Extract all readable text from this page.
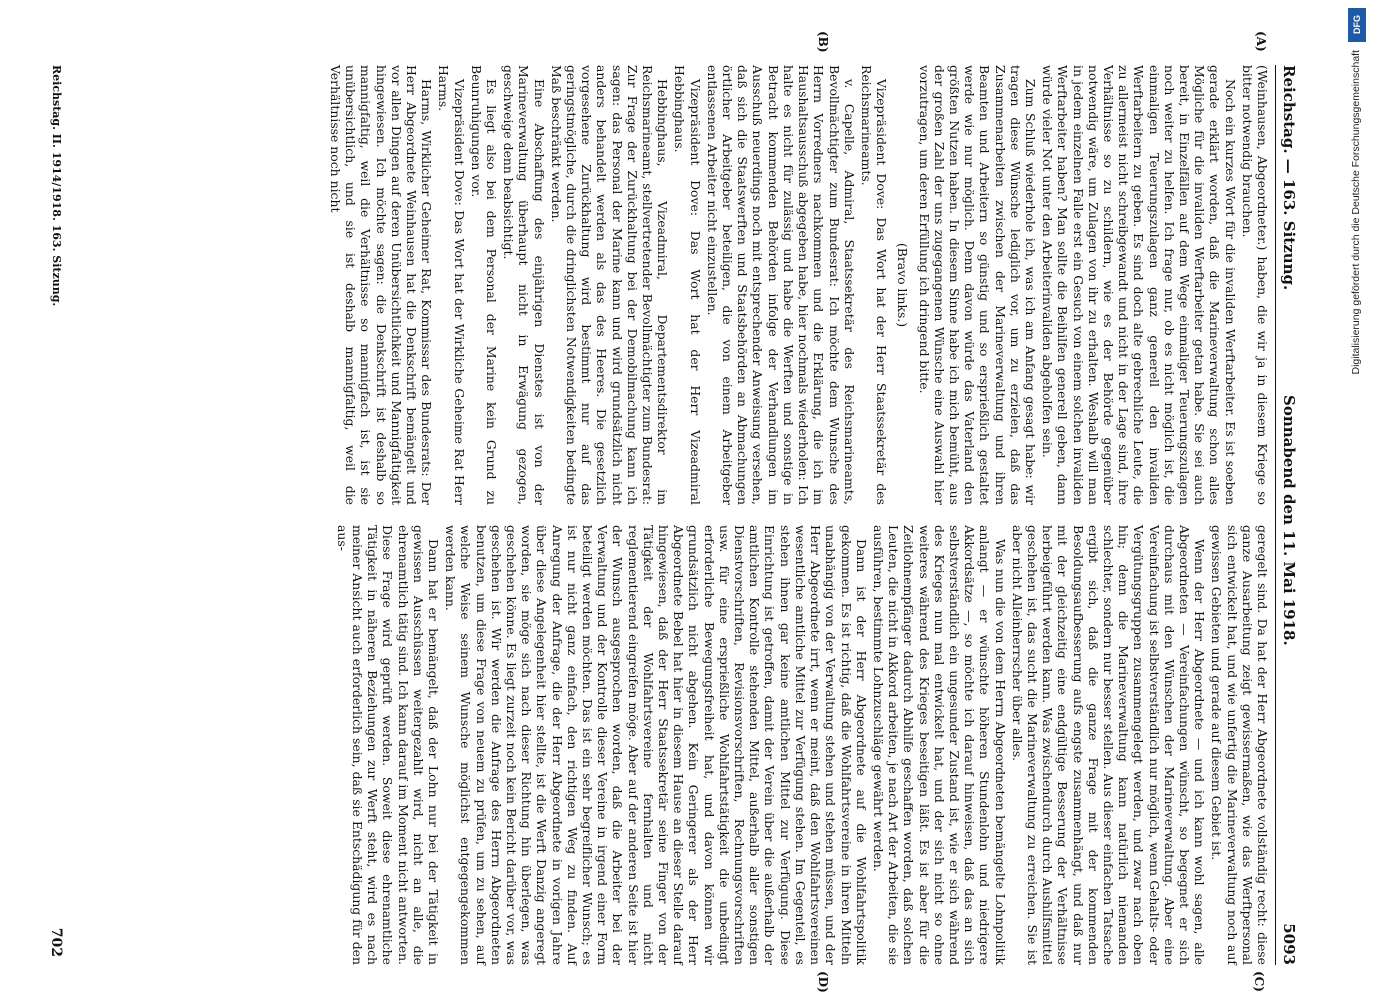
Reichstag. — 163. Sitzung.
Sonnabend den 11. Mai 1918.
5093
(A)
(B)
(C)
(D)

(Weinhausen, Abgeordneter.) haben, die wir ja in diesem Kriege so bitter notwendig brauchen.

Noch ein kurzes Wort für die invaliden Werftarbeiter. Es ist soeben gerade erklärt worden, daß die Marineverwaltung schon alles Mögliche für die invaliden Werftarbeiter getan habe. Sie sei auch bereit, in Einzelfällen auf dem Wege einmaliger Teuerungszulagen noch weiter zu helfen. Ich frage nur, ob es nicht möglich ist, die einmaligen Teuerungszulagen ganz generell den invaliden Werftarbeitern zu geben. Es sind doch alte gebrechliche Leute, die zu allermeist nicht schreibgewandt und nicht in der Lage sind, ihre Verhältnisse so zu schildern, wie es der Behörde gegenüber notwendig wäre, um Zulagen von ihr zu erhalten. Weshalb will man in jedem einzelnen Falle erst ein Gesuch von einem solchen invaliden Werftarbeiter haben? Man sollte die Beihilfen generell geben, dann würde vieler Not unter den Arbeiterinvaliden abgeholfen sein.

Zum Schluß wiederhole ich, was ich am Anfang gesagt habe: wir tragen diese Wünsche lediglich vor, um zu erzielen, daß das Zusammenarbeiten zwischen der Marineverwaltung und ihren Beamten und Arbeitern so günstig und so ersprießlich gestaltet werde wie nur möglich. Denn davon würde das Vaterland den größten Nutzen haben. In diesem Sinne habe ich mich bemüht, aus der großen Zahl der uns zugegangenen Wünsche eine Auswahl hier vorzutragen, um deren Erfüllung ich dringend bitte.

(Bravo links.)

Vizepräsident Dove: Das Wort hat der Herr Staatssekretär des Reichsmarineamts.

v. Capelle, Admiral, Staatssekretär des Reichsmarineamts, Bevollmächtigter zum Bundesrat: Ich möchte dem Wunsche des Herrn Vorredners nachkommen und die Erklärung, die ich im Haushaltsausschuß abgegeben habe, hier nochmals wiederholen: Ich halte es nicht für zulässig und habe die Werften und sonstige in Betracht kommenden Behörden infolge der Verhandlungen im Ausschuß neuerdings noch mit entsprechender Anweisung versehen, daß sich die Staatswerften und Staatsbehörden an Abmachungen örtlicher Arbeitgeber beteiligen, die von einem Arbeitgeber entlassenen Arbeiter nicht einzustellen.

Vizepräsident Dove: Das Wort hat der Herr Vizeadmiral Hebbinghaus.

Hebbinghaus, Vizeadmiral, Departementsdirektor im Reichsmarineamt, stellvertretender Bevollmächtigter zum Bundesrat: Zur Frage der Zurückhaltung bei der Demobilmachung kann ich sagen: das Personal der Marine kann und wird grundsätzlich nicht anders behandelt werden als das des Heeres. Die gesetzlich vorgesehene Zurückhaltung wird bestimmt nur auf das geringstmögliche, durch die dringlichsten Notwendigkeiten bedingte Maß beschränkt werden.

Eine Abschaffung des einjährigen Dienstes ist von der Marineverwaltung überhaupt nicht in Erwägung gezogen, geschweige denn beabsichtigt.

Es liegt also bei dem Personal der Marine kein Grund zu Beunruhigungen vor.

Vizepräsident Dove: Das Wort hat der Wirkliche Geheime Rat Herr Harms.

Harms, Wirklicher Geheimer Rat, Kommissar des Bundesrats: Der Herr Abgeordnete Weinhausen hat die Denkschrift bemängelt und vor allen Dingen auf deren Unübersichtlichkeit und Mannigfaltigkeit hingewiesen. Ich möchte sagen: die Denkschrift ist deshalb so mannigfaltig, weil die Verhältnisse so mannigfach ist, ist sie unübersichtlich, und sie ist deshalb mannigfaltig, weil die Verhältnisse noch nicht

geregelt sind. Da hat der Herr Abgeordnete vollständig recht: diese ganze Ausarbeitung zeigt gewissermaßen, wie das Werftpersonal sich entwickelt hat, und wie unfertig die Marineverwaltung noch auf gewissen Gebieten und gerade auf diesem Gebiet ist.

Wenn der Herr Abgeordnete — und ich kann wohl sagen, alle Abgeordneten — Vereinfachungen wünscht, so begegnet er sich durchaus mit den Wünschen der Marineverwaltung. Aber eine Vereinfachung ist selbstverständlich nur möglich, wenn Gehalts- oder Vergütungsgruppen zusammengelegt werden, und zwar nach oben hin; denn die Marineverwaltung kann natürlich niemanden schlechter, sondern nur besser stellen. Aus dieser einfachen Tatsache ergibt sich, daß die ganze Frage mit der kommenden Besoldungsaufbesserung aufs engste zusammenhängt, und daß nur mit der gleichzeitig eine endgültige Besserung der Verhältnisse herbeigeführt werden kann. Was zwischendurch durch Aushilfsmittel geschehen ist, das sucht die Marineverwaltung zu erreichen. Sie ist aber nicht Alleinherrscher über alles.

Was nun die von dem Herrn Abgeordneten bemängelte Lohnpolitik anlangt — er wünschte höheren Stundenlohn und niedrigere Akkordsätze —, so möchte ich darauf hinweisen, daß das an sich selbstverständlich ein ungesunder Zustand ist, wie er sich während des Krieges nun mal entwickelt hat, und der sich nicht so ohne weiteres während des Krieges beseitigen läßt. Es ist aber für die Zeitlohnempfänger dadurch Abhilfe geschaffen worden, daß solchen Leuten, die nicht in Akkord arbeiten, je nach Art der Arbeiten, die sie ausführen, bestimmte Lohnzuschläge gewährt werden.

Dann ist der Herr Abgeordnete auf die Wohlfahrtspolitik gekommen. Es ist richtig, daß die Wohlfahrtsvereine in ihren Mitteln unabhängig von der Verwaltung stehen und stehen müssen, und der Herr Abgeordnete irrt, wenn er meint, daß den Wohlfahrtsvereinen wesentliche amtliche Mittel zur Verfügung stehen. Im Gegenteil, es stehen ihnen gar keine amtlichen Mittel zur Verfügung. Diese Einrichtung ist getroffen, damit der Verein über die außerhalb der amtlichen Kontrolle stehenden Mittel, außerhalb aller sonstigen Dienstvorschriften, Revisionsvorschriften, Rechnungsvorschriften usw. für eine ersprießliche Wohlfahrtstätigkeit die unbedingt erforderliche Bewegungsfreiheit hat, und davon können wir grundsätzlich nicht abgehen. Kein Geringerer als der Herr Abgeordnete Bebel hat hier in diesem Hause an dieser Stelle darauf hingewiesen, daß der Herr Staatssekretär seine Finger von der Tätigkeit der Wohlfahrtsvereine fernhalten und nicht reglementierend eingreifen möge. Aber auf der anderen Seite ist hier der Wunsch ausgesprochen worden, daß die Arbeiter bei der Verwaltung und der Kontrolle dieser Vereine in irgend einer Form beteiligt werden möchten. Das ist ein sehr begreiflicher Wunsch; es ist nur nicht ganz einfach, den richtigen Weg zu finden. Auf Anregung der Anfrage, die der Herr Abgeordnete in vorigen Jahre über diese Angelegenheit hier stellte, ist die Werft Danzig angeregt worden, sie möge sich nach dieser Richtung hin überlegen, was geschehen könne. Es liegt zurzeit noch kein Bericht darüber vor, was geschehen ist. Wir werden die Anfrage des Herrn Abgeordneten benutzen, um diese Frage von neuem zu prüfen, um zu sehen, auf welche Weise seinem Wunsche möglichst entgegengekommen werden kann.

Dann hat er bemängelt, daß der Lohn nur bei der Tätigkeit in gewissen Ausschüssen weitergezahlt wird, nicht an alle, die ehrenamtlich tätig sind. Ich kann darauf im Moment nicht antworten. Diese Frage wird geprüft werden. Soweit diese ehrenamtliche Tätigkeit in näheren Beziehungen zur Werft steht, wird es nach meiner Ansicht auch erforderlich sein, daß sie Entschädigung für den aus-

Reichstag. II. 1914/1918. 163. Sitzung.
702
DFG
Digitalisierung gefördert durch die Deutsche Forschungsgemeinschaft
